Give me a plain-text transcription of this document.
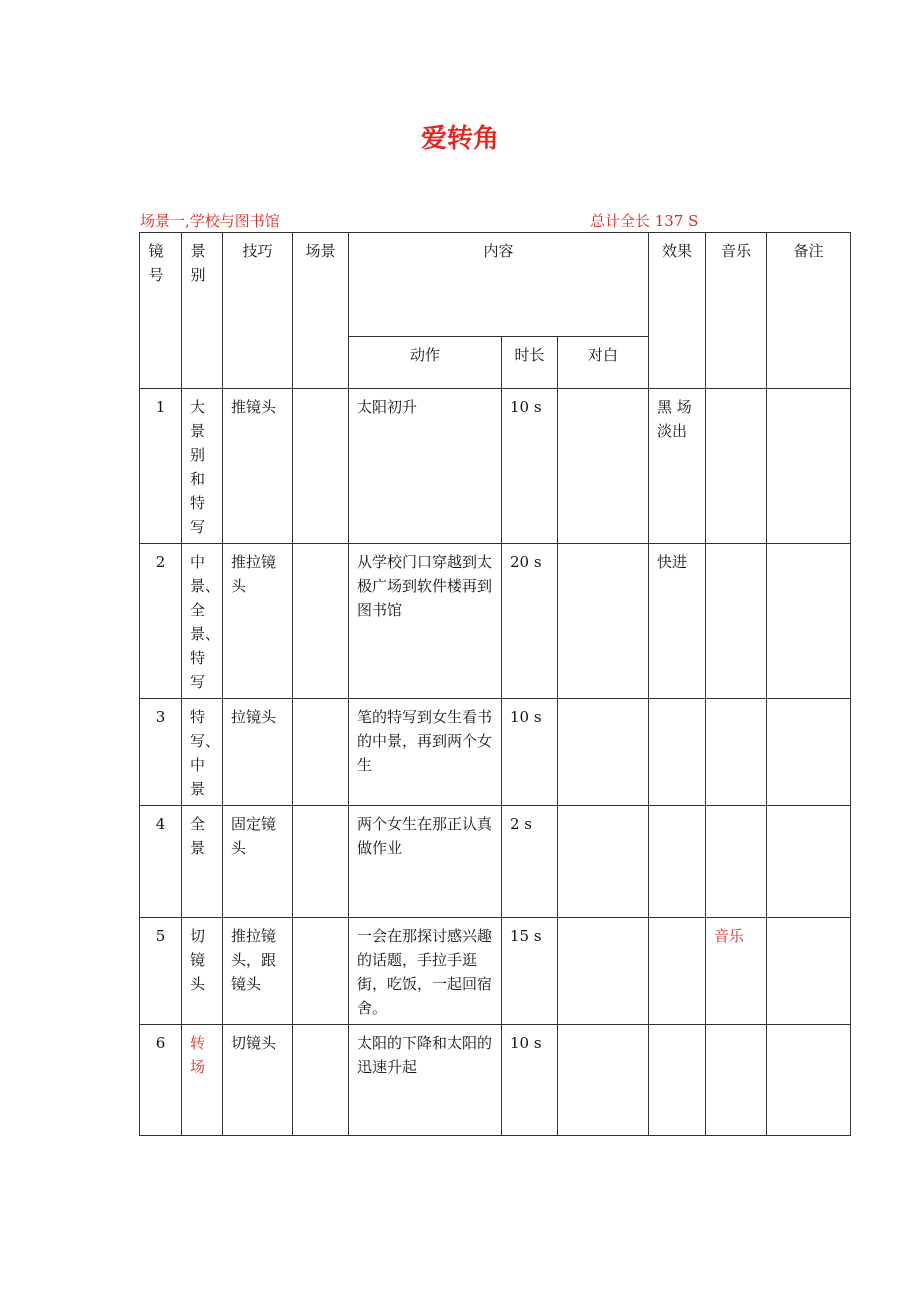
爱转角
场景一,学校与图书馆	总计全长 137 S
镜号	景别	技巧	场景	内容			效果	音乐	备注
				动作	时长	对白			
1	大景别和特写	推镜头		太阳初升	10 s		黑 场淡出		

2	中景、全景、特写	推拉镜头		从学校门口穿越到太极广场到软件楼再到图书馆	20 s		快进		
3	特写、中景	拉镜头		笔的特写到女生看书的中景，再到两个女生	10 s				
4	全景	固定镜头		两个女生在那正认真做作业	2 s				
5	切镜头	推拉镜头，跟镜头		一会在那探讨感兴趣的话题，手拉手逛街，吃饭，一起回宿舍。	15 s			音乐	
6	转场	切镜头		太阳的下降和太阳的迅速升起	10 s				
